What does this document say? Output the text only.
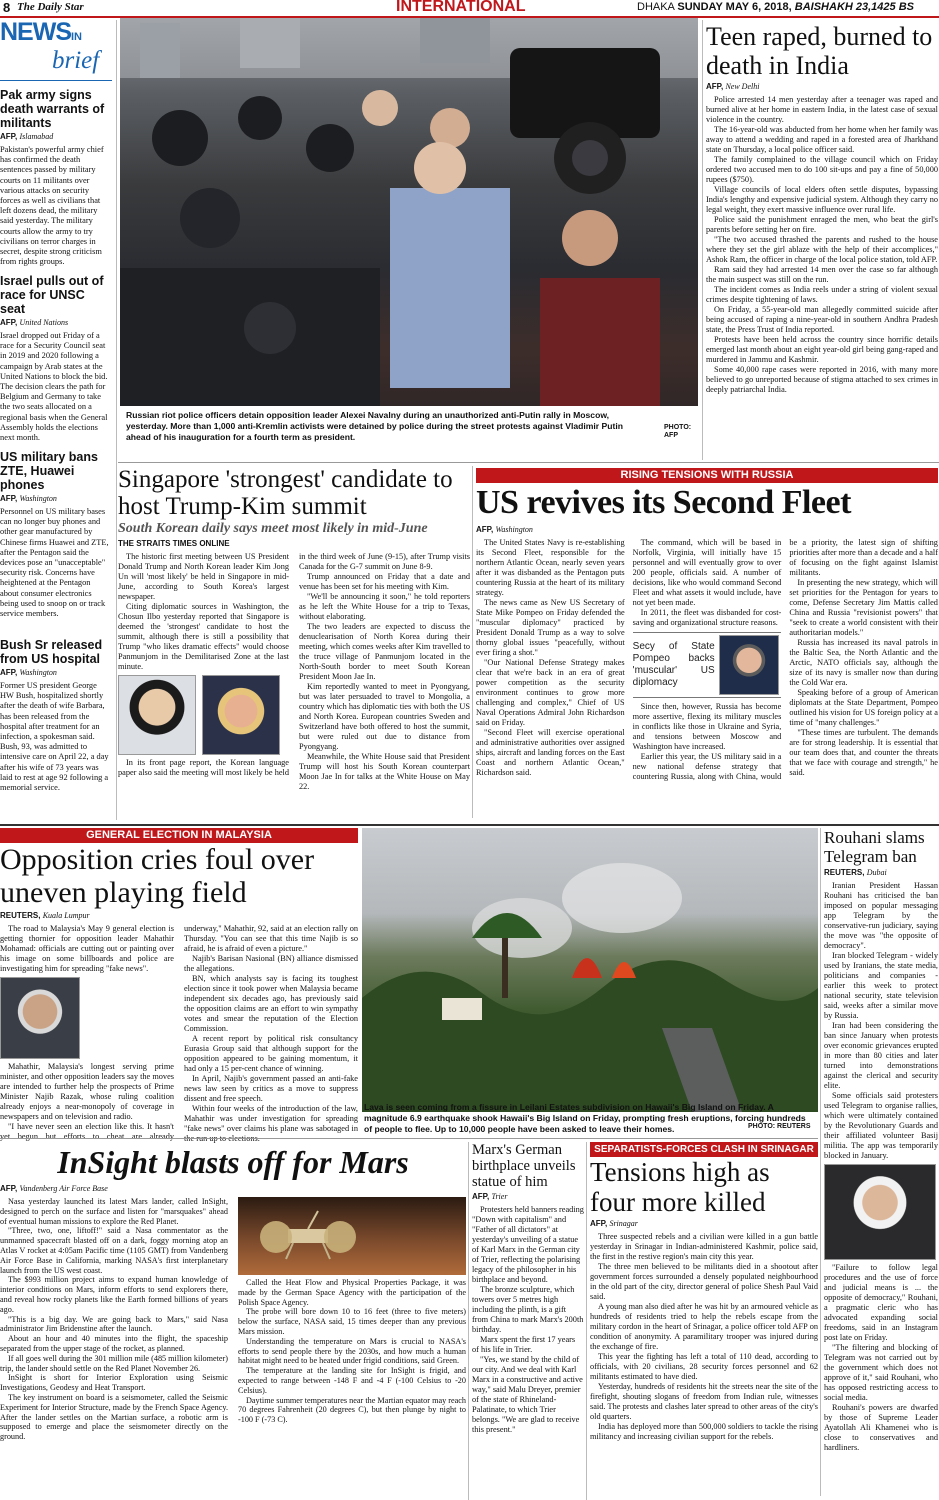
8 The Daily Star	INTERNATIONAL	DHAKA SUNDAY MAY 6, 2018, BAISHAKH 23,1425 BS
NEWSIN
brief
Pak army signs death warrants of militants
AFP, Islamabad
Pakistan's powerful army chief has confirmed the death sentences passed by military courts on 11 militants over various attacks on security forces as well as civilians that left dozens dead, the military said yesterday. The military courts allow the army to try civilians on terror charges in secret, despite strong criticism from rights groups.
Israel pulls out of race for UNSC seat
AFP, United Nations
Israel dropped out Friday of a race for a Security Council seat in 2019 and 2020 following a campaign by Arab states at the United Nations to block the bid. The decision clears the path for Belgium and Germany to take the two seats allocated on a regional basis when the General Assembly holds the elections next month.
US military bans ZTE, Huawei phones
AFP, Washington
Personnel on US military bases can no longer buy phones and other gear manufactured by Chinese firms Huawei and ZTE, after the Pentagon said the devices pose an "unacceptable" security risk. Concerns have heightened at the Pentagon about consumer electronics being used to snoop on or track service members.
Bush Sr released from US hospital
AFP, Washington
Former US president George HW Bush, hospitalized shortly after the death of wife Barbara, has been released from the hospital after treatment for an infection, a spokesman said. Bush, 93, was admitted to intensive care on April 22, a day after his wife of 73 years was laid to rest at age 92 following a memorial service.
Russian riot police officers detain opposition leader Alexei Navalny during an unauthorized anti-Putin rally in Moscow, yesterday. More than 1,000 anti-Kremlin activists were detained by police during the street protests against Vladimir Putin ahead of his inauguration for a fourth term as president.
PHOTO:
AFP
Teen raped, burned to death in India
AFP, New Delhi

Police arrested 14 men yesterday after a teenager was raped and burned alive at her home in eastern India, in the latest case of sexual violence in the country.

The 16-year-old was abducted from her home when her family was away to attend a wedding and raped in a forested area of Jharkhand state on Thursday, a local police officer said.

The family complained to the village council which on Friday ordered two accused men to do 100 sit-ups and pay a fine of 50,000 rupees ($750).

Village councils of local elders often settle disputes, bypassing India's lengthy and expensive judicial system. Although they carry no legal weight, they exert massive influence over rural life.

Police said the punishment enraged the men, who beat the girl's parents before setting her on fire.

"The two accused thrashed the parents and rushed to the house where they set the girl ablaze with the help of their accomplices," Ashok Ram, the officer in charge of the local police station, told AFP.

Ram said they had arrested 14 men over the case so far although the main suspect was still on the run.

The incident comes as India reels under a string of violent sexual crimes despite tightening of laws.

On Friday, a 55-year-old man allegedly committed suicide after being accused of raping a nine-year-old in southern Andhra Pradesh state, the Press Trust of India reported.

Protests have been held across the country since horrific details emerged last month about an eight year-old girl being gang-raped and murdered in Jammu and Kashmir.

Some 40,000 rape cases were reported in 2016, with many more believed to go unreported because of stigma attached to sex crimes in deeply patriarchal India.

Singapore 'strongest' candidate to host Trump-Kim summit
South Korean daily says meet most likely in mid-June
THE STRAITS TIMES ONLINE

The historic first meeting between US President Donald Trump and North Korean leader Kim Jong Un will 'most likely' be held in Singapore in mid-June, according to South Korea's largest newspaper.

Citing diplomatic sources in Washington, the Chosun Ilbo yesterday reported that Singapore is deemed the 'strongest' candidate to host the summit, although there is still a possibility that Trump "who likes dramatic effects" would choose Panmunjom in the Demilitarised Zone at the last minute.

In its front page report, the Korean language paper also said the meeting will most likely be held in the third week of June (9-15), after Trump visits Canada for the G-7 summit on June 8-9.

Trump announced on Friday that a date and venue has been set for his meeting with Kim.

"We'll be announcing it soon," he told reporters as he left the White House for a trip to Texas, without elaborating.

The two leaders are expected to discuss the denuclearisation of North Korea during their meeting, which comes weeks after Kim travelled to the truce village of Panmunjom located in the North-South border to meet South Korean President Moon Jae In.

Kim reportedly wanted to meet in Pyongyang, but was later persuaded to travel to Mongolia, a country which has diplomatic ties with both the US and North Korea. European countries Sweden and Switzerland have both offered to host the summit, but were ruled out due to distance from Pyongyang.

Meanwhile, the White House said that President Trump will host his South Korean counterpart Moon Jae In for talks at the White House on May 22.

RISING TENSIONS WITH RUSSIA
US revives its Second Fleet
AFP, Washington

The United States Navy is re-establishing its Second Fleet, responsible for the northern Atlantic Ocean, nearly seven years after it was disbanded as the Pentagon puts countering Russia at the heart of its military strategy.

The news came as New US Secretary of State Mike Pompeo on Friday defended the "muscular diplomacy" practiced by President Donald Trump as a way to solve thorny global issues "peacefully, without ever firing a shot."

"Our National Defense Strategy makes clear that we're back in an era of great power competition as the security environment continues to grow more challenging and complex," Chief of US Naval Operations Admiral John Richardson said on Friday.

"Second Fleet will exercise operational and administrative authorities over assigned ships, aircraft and landing forces on the East Coast and northern Atlantic Ocean," Richardson said.

The command, which will be based in Norfolk, Virginia, will initially have 15 personnel and will eventually grow to over 200 people, officials said. A number of decisions, like who would command Second Fleet and what assets it would include, have not yet been made.

In 2011, the fleet was disbanded for cost-saving and organizational structure reasons.

Secy of State Pompeo backs 'muscular' US diplomacy

Since then, however, Russia has become more assertive, flexing its military muscles in conflicts like those in Ukraine and Syria, and tensions between Moscow and Washington have increased.

Earlier this year, the US military said in a new national defense strategy that countering Russia, along with China, would be a priority, the latest sign of shifting priorities after more than a decade and a half of focusing on the fight against Islamist militants.

In presenting the new strategy, which will set priorities for the Pentagon for years to come, Defense Secretary Jim Mattis called China and Russia "revisionist powers" that "seek to create a world consistent with their authoritarian models."

Russia has increased its naval patrols in the Baltic Sea, the North Atlantic and the Arctic, NATO officials say, although the size of its navy is smaller now than during the Cold War era.

Speaking before of a group of American diplomats at the State Department, Pompeo outlined his vision for US foreign policy at a time of "many challenges."

"These times are turbulent. The demands are for strong leadership. It is essential that our team does that, and counter the threats that we face with courage and strength," he said.

GENERAL ELECTION IN MALAYSIA
Opposition cries foul over uneven playing field
REUTERS, Kuala Lumpur

The road to Malaysia's May 9 general election is getting thornier for opposition leader Mahathir Mohamad: officials are cutting out or painting over his image on some billboards and police are investigating him for spreading "fake news".

Mahathir, Malaysia's longest serving prime minister, and other opposition leaders say the moves are intended to further help the prospects of Prime Minister Najib Razak, whose ruling coalition already enjoys a near-monopoly of coverage in newspapers and on television and radio.

"I have never seen an election like this. It hasn't yet begun but efforts to cheat are already underway," Mahathir, 92, said at an election rally on Thursday. "You can see that this time Najib is so afraid, he is afraid of even a picture."

Najib's Barisan Nasional (BN) alliance dismissed the allegations.

BN, which analysts say is facing its toughest election since it took power when Malaysia became independent six decades ago, has previously said the opposition claims are an effort to win sympathy votes and smear the reputation of the Election Commission.

A recent report by political risk consultancy Eurasia Group said that although support for the opposition appeared to be gaining momentum, it had only a 15 per-cent chance of winning.

In April, Najib's government passed an anti-fake news law seen by critics as a move to suppress dissent and free speech.

Within four weeks of the introduction of the law, Mahathir was under investigation for spreading "fake news" over claims his plane was sabotaged in the run up to elections.

Lava is seen coming from a fissure in Leilani Estates subdivision on Hawaii's Big Island on Friday. A magnitude 6.9 earthquake shook Hawaii's Big Island on Friday, prompting fresh eruptions, forcing hundreds of people to flee. Up to 10,000 people have been asked to leave their homes.	PHOTO: REUTERS
Rouhani slams Telegram ban
REUTERS, Dubai

Iranian President Hassan Rouhani has criticised the ban imposed on popular messaging app Telegram by the conservative-run judiciary, saying the move was "the opposite of democracy".

Iran blocked Telegram - widely used by Iranians, the state media, politicians and companies - earlier this week to protect national security, state television said, weeks after a similar move by Russia.

Iran had been considering the ban since January when protests over economic grievances erupted in more than 80 cities and later turned into demonstrations against the clerical and security elite.

Some officials said protesters used Telegram to organise rallies, which were ultimately contained by the Revolutionary Guards and their affiliated volunteer Basij militia. The app was temporarily blocked in January.

"Failure to follow legal procedures and the use of force and judicial means is ... the opposite of democracy," Rouhani, a pragmatic cleric who has advocated expanding social freedoms, said in an Instagram post late on Friday.

"The filtering and blocking of Telegram was not carried out by the government which does not approve of it," said Rouhani, who has opposed restricting access to social media.

Rouhani's powers are dwarfed by those of Supreme Leader Ayatollah Ali Khamenei who is close to conservatives and hardliners.

InSight blasts off for Mars
AFP, Vandenberg Air Force Base

Nasa yesterday launched its latest Mars lander, called InSight, designed to perch on the surface and listen for "marsquakes" ahead of eventual human missions to explore the Red Planet.

"Three, two, one, liftoff!" said a Nasa commentator as the unmanned spacecraft blasted off on a dark, foggy morning atop an Atlas V rocket at 4:05am Pacific time (1105 GMT) from Vandenberg Air Force Base in California, marking NASA's first interplanetary launch from the US west coast.

The $993 million project aims to expand human knowledge of interior conditions on Mars, inform efforts to send explorers there, and reveal how rocky planets like the Earth formed billions of years ago.

"This is a big day. We are going back to Mars," said Nasa administrator Jim Bridenstine after the launch.

About an hour and 40 minutes into the flight, the spaceship separated from the upper stage of the rocket, as planned.

If all goes well during the 301 million mile (485 million kilometer) trip, the lander should settle on the Red Planet November 26.

InSight is short for Interior Exploration using Seismic Investigations, Geodesy and Heat Transport.

The key instrument on board is a seismometer, called the Seismic Experiment for Interior Structure, made by the French Space Agency. After the lander settles on the Martian surface, a robotic arm is supposed to emerge and place the seismometer directly on the ground.

Called the Heat Flow and Physical Properties Package, it was made by the German Space Agency with the participation of the Polish Space Agency.

The probe will bore down 10 to 16 feet (three to five meters) below the surface, NASA said, 15 times deeper than any previous Mars mission.

Understanding the temperature on Mars is crucial to NASA's efforts to send people there by the 2030s, and how much a human habitat might need to be heated under frigid conditions, said Green.

The temperature at the landing site for InSight is frigid, and expected to range between -148 F and -4 F (-100 Celsius to -20 Celsius).

Daytime summer temperatures near the Martian equator may reach 70 degrees Fahrenheit (20 degrees C), but then plunge by night to -100 F (-73 C).

Marx's German birthplace unveils statue of him
AFP, Trier

Protesters held banners reading "Down with capitalism" and "Father of all dictators" at yesterday's unveiling of a statue of Karl Marx in the German city of Trier, reflecting the polarising legacy of the philosopher in his birthplace and beyond.

The bronze sculpture, which towers over 5 metres high including the plinth, is a gift from China to mark Marx's 200th birthday.

Marx spent the first 17 years of his life in Trier.

"Yes, we stand by the child of our city. And we deal with Karl Marx in a constructive and active way," said Malu Dreyer, premier of the state of Rhineland-Palatinate, to which Trier belongs. "We are glad to receive this present."

SEPARATISTS-FORCES CLASH IN SRINAGAR
Tensions high as four more killed
AFP, Srinagar

Three suspected rebels and a civilian were killed in a gun battle yesterday in Srinagar in Indian-administered Kashmir, police said, the first in the restive region's main city this year.

The three men believed to be militants died in a shootout after government forces surrounded a densely populated neighbourhood in the old part of the city, director general of police Shesh Paul Vaid said.

A young man also died after he was hit by an armoured vehicle as hundreds of residents tried to help the rebels escape from the military cordon in the heart of Srinagar, a police officer told AFP on condition of anonymity. A paramilitary trooper was injured during the exchange of fire.

This year the fighting has left a total of 110 dead, according to officials, with 20 civilians, 28 security forces personnel and 62 militants estimated to have died.

Yesterday, hundreds of residents hit the streets near the site of the firefight, shouting slogans of freedom from Indian rule, witnesses said. The protests and clashes later spread to other areas of the city's old quarters.

India has deployed more than 500,000 soldiers to tackle the rising militancy and increasing civilian support for the rebels.
